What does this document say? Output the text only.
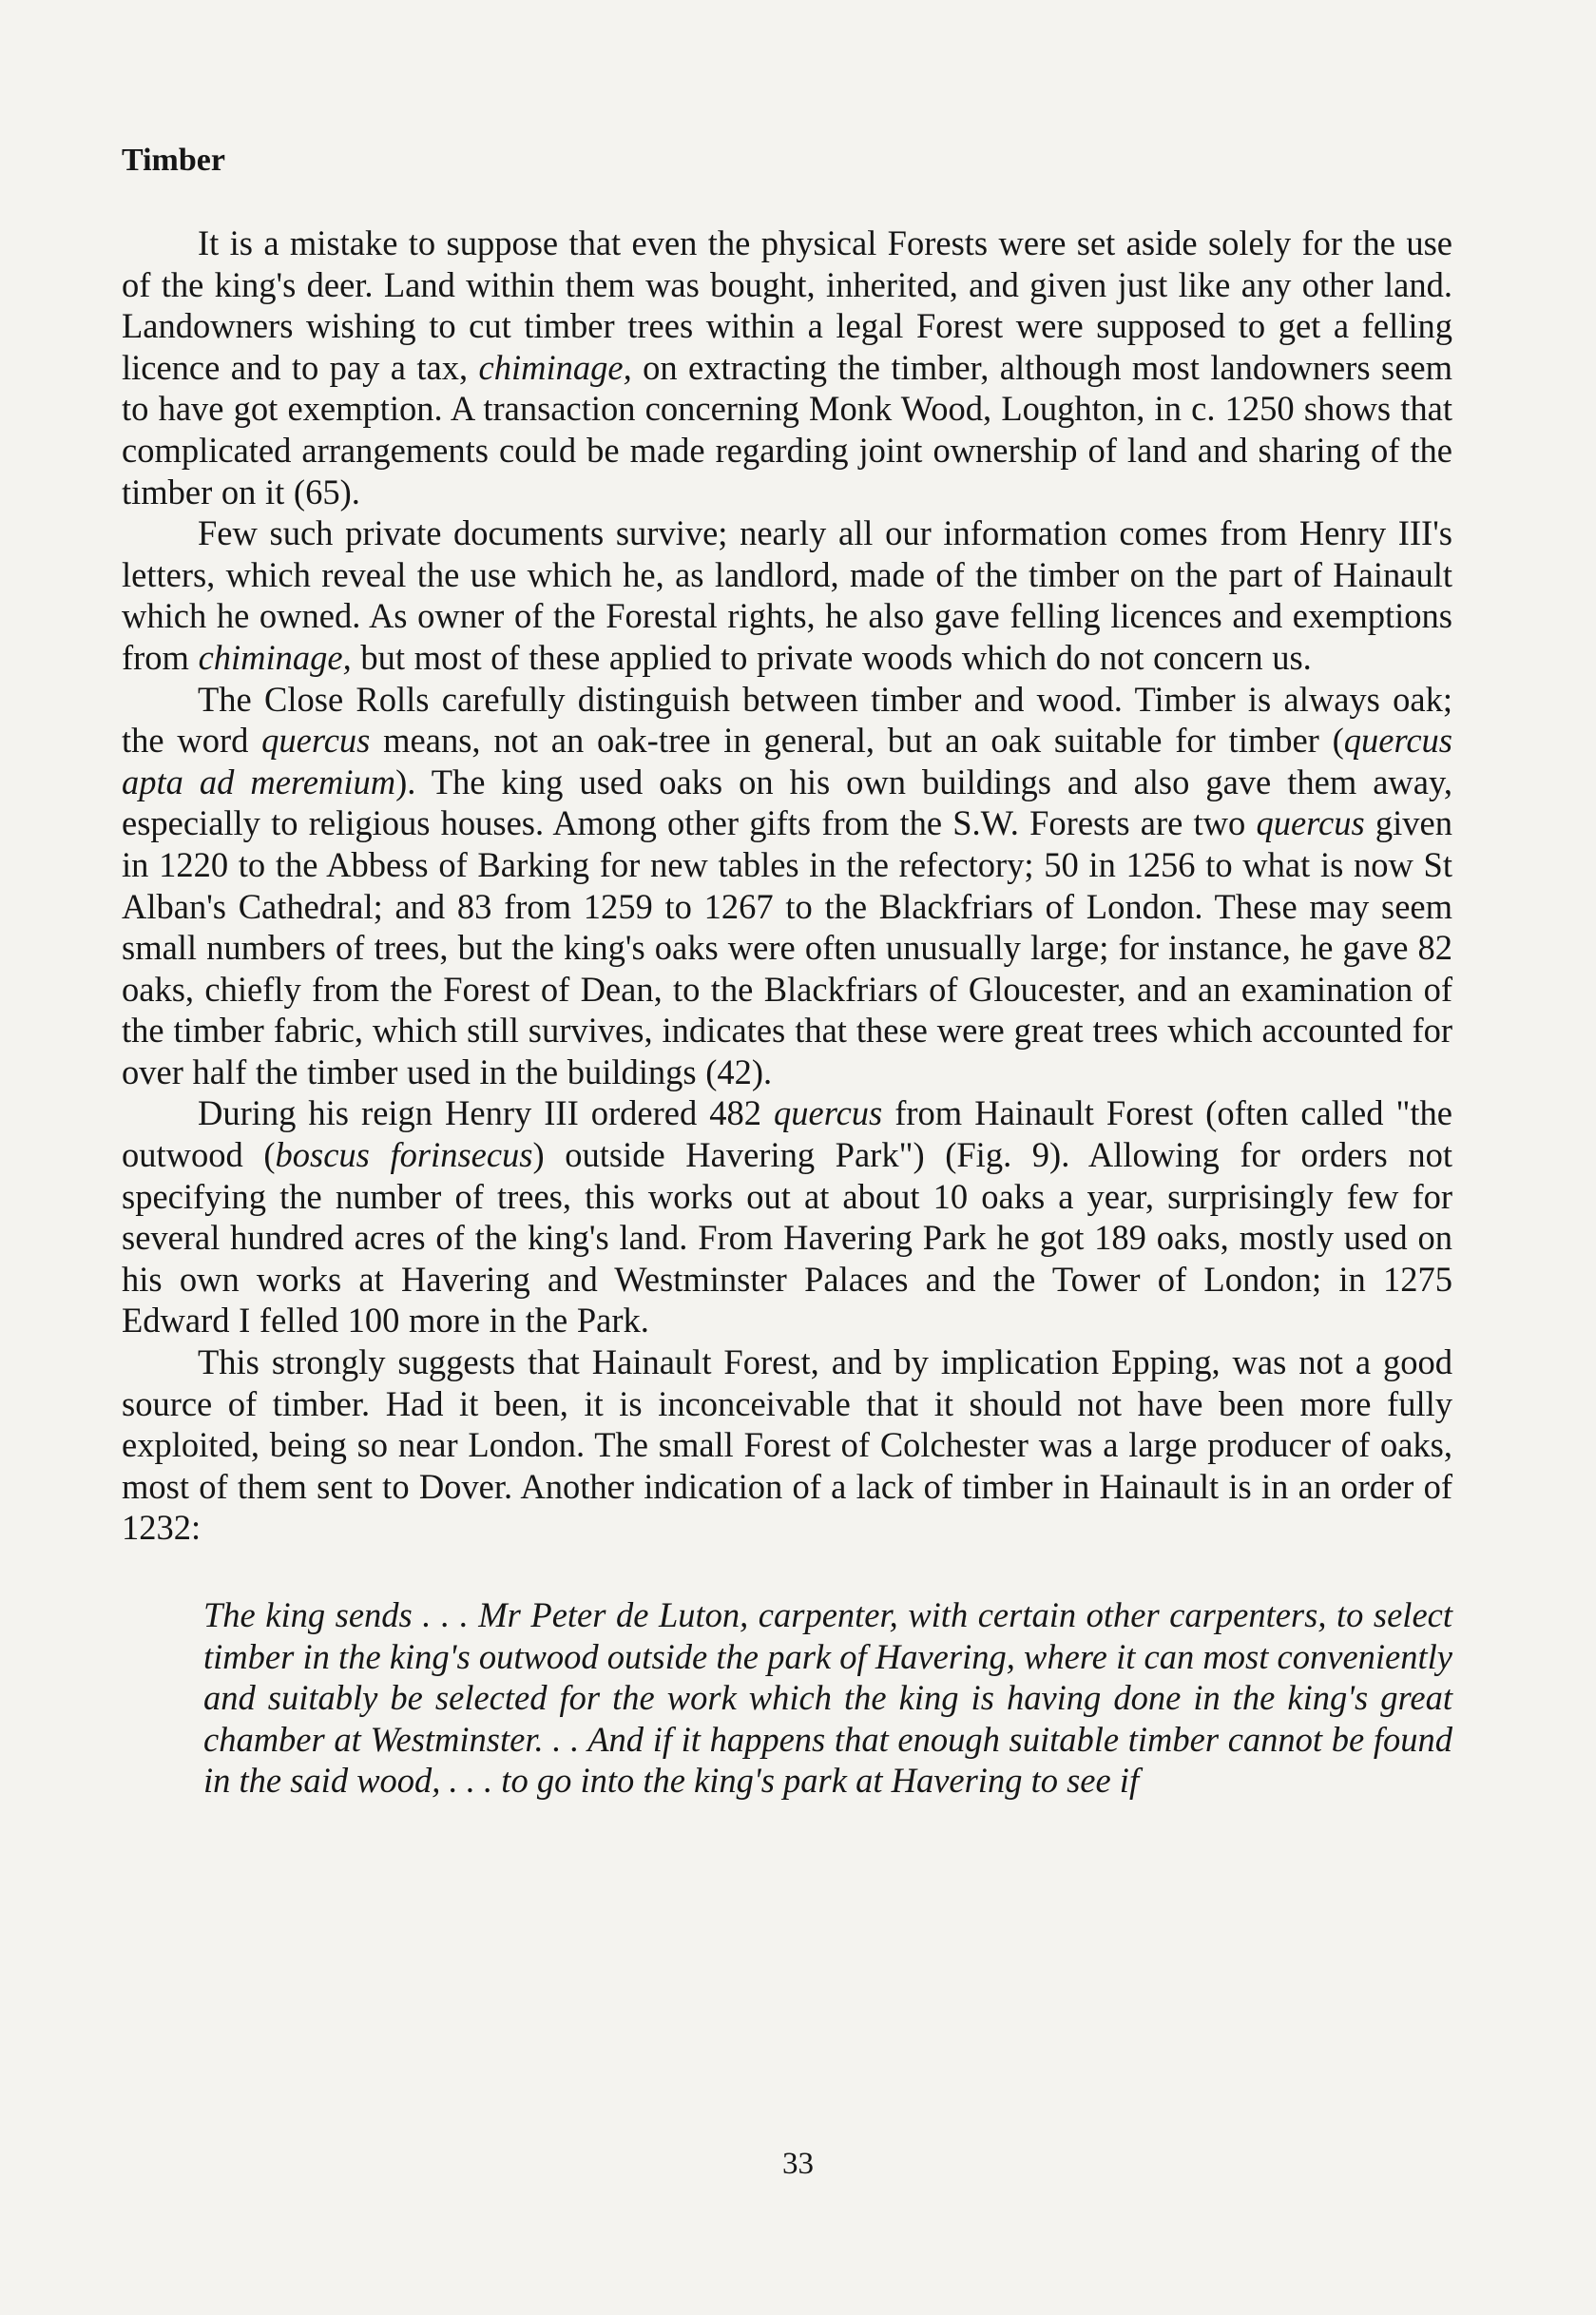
Timber

It is a mistake to suppose that even the physical Forests were set aside solely for the use of the king's deer. Land within them was bought, inherited, and given just like any other land. Landowners wishing to cut timber trees within a legal Forest were supposed to get a felling licence and to pay a tax, chiminage, on extracting the timber, although most landowners seem to have got exemption. A transaction concerning Monk Wood, Loughton, in c. 1250 shows that complicated arrangements could be made regarding joint ownership of land and sharing of the timber on it (65).

Few such private documents survive; nearly all our information comes from Henry III's letters, which reveal the use which he, as landlord, made of the timber on the part of Hainault which he owned. As owner of the Forestal rights, he also gave felling licences and exemptions from chiminage, but most of these applied to private woods which do not concern us.

The Close Rolls carefully distinguish between timber and wood. Timber is always oak; the word quercus means, not an oak-tree in general, but an oak suitable for timber (quercus apta ad meremium). The king used oaks on his own buildings and also gave them away, especially to religious houses. Among other gifts from the S.W. Forests are two quercus given in 1220 to the Abbess of Barking for new tables in the refectory; 50 in 1256 to what is now St Alban's Cathedral; and 83 from 1259 to 1267 to the Blackfriars of London. These may seem small numbers of trees, but the king's oaks were often unusually large; for instance, he gave 82 oaks, chiefly from the Forest of Dean, to the Blackfriars of Gloucester, and an examination of the timber fabric, which still survives, indicates that these were great trees which accounted for over half the timber used in the buildings (42).

During his reign Henry III ordered 482 quercus from Hainault Forest (often called "the outwood (boscus forinsecus) outside Havering Park") (Fig. 9). Allowing for orders not specifying the number of trees, this works out at about 10 oaks a year, surprisingly few for several hundred acres of the king's land. From Havering Park he got 189 oaks, mostly used on his own works at Havering and Westminster Palaces and the Tower of London; in 1275 Edward I felled 100 more in the Park.

This strongly suggests that Hainault Forest, and by implication Epping, was not a good source of timber. Had it been, it is inconceivable that it should not have been more fully exploited, being so near London. The small Forest of Colchester was a large producer of oaks, most of them sent to Dover. Another indication of a lack of timber in Hainault is in an order of 1232:

The king sends . . . Mr Peter de Luton, carpenter, with certain other carpenters, to select timber in the king's outwood outside the park of Havering, where it can most conveniently and suitably be selected for the work which the king is having done in the king's great chamber at Westminster. . . And if it happens that enough suitable timber cannot be found in the said wood, . . . to go into the king's park at Havering to see if

33
